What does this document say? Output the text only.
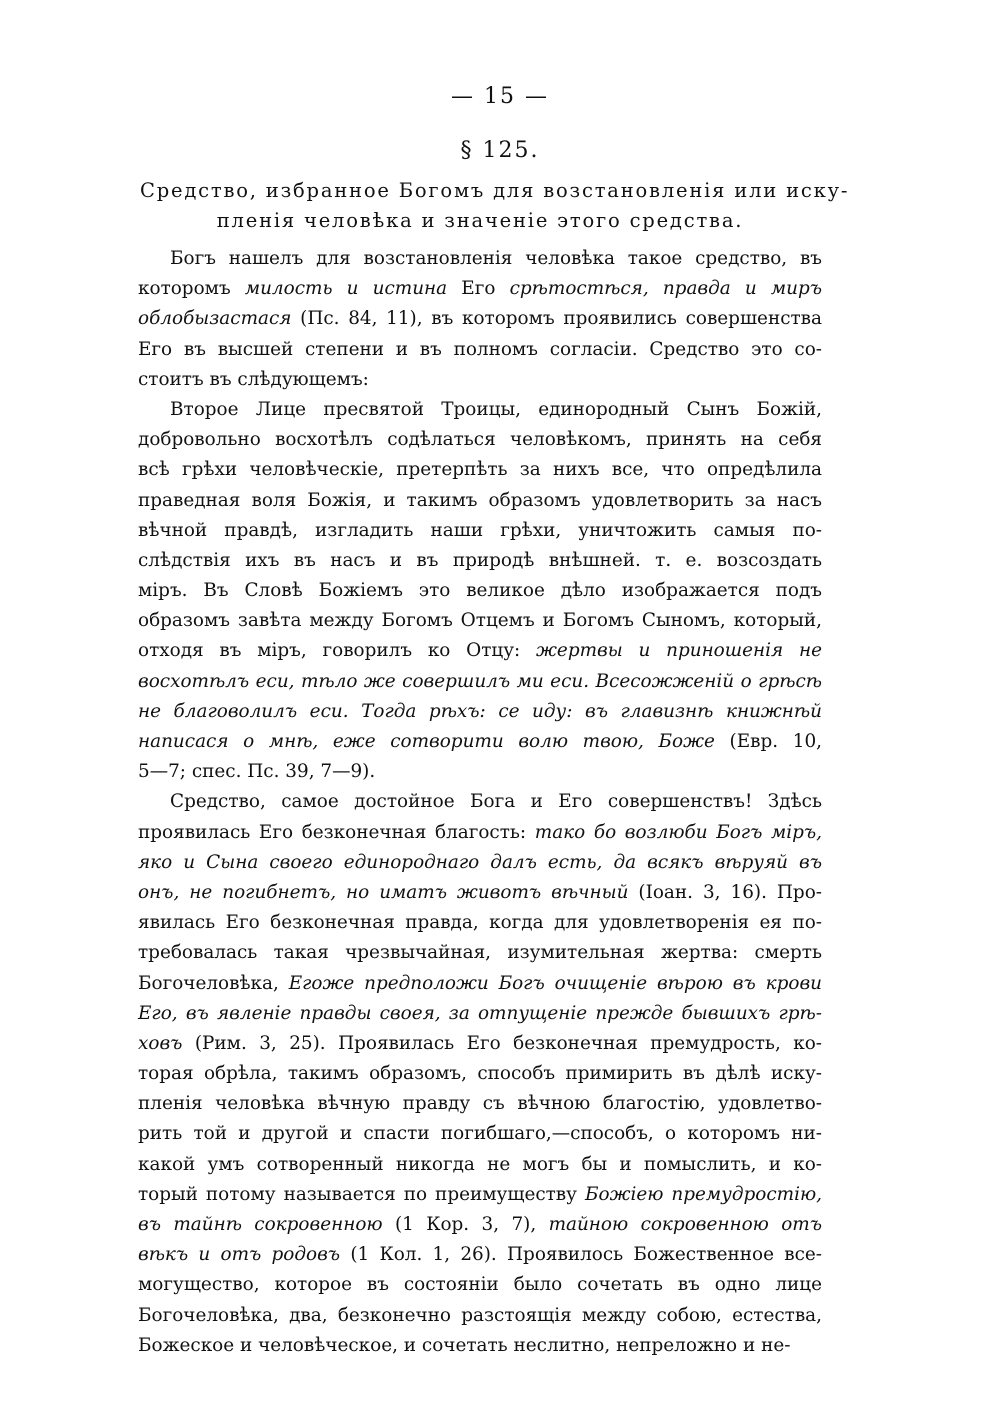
— 15 —
§ 125.
Средство, избранное Богомъ для возстановленія или иску-
пленія человѣка и значеніе этого средства.
Богъ нашелъ для возстановленія человѣка такое средство, въ
которомъ милость и истина Его срѣтостѣся, правда и миръ
облобызастася (Пс. 84, 11), въ которомъ проявились совершенства
Его въ высшей степени и въ полномъ согласіи. Средство это со-
стоитъ въ слѣдующемъ:
Второе Лице пресвятой Троицы, единородный Сынъ Божій,
добровольно восхотѣлъ содѣлаться человѣкомъ, принять на себя
всѣ грѣхи человѣческіе, претерпѣть за нихъ все, что опредѣлила
праведная воля Божія, и такимъ образомъ удовлетворить за насъ
вѣчной правдѣ, изгладить наши грѣхи, уничтожить самыя по-
слѣдствія ихъ въ насъ и въ природѣ внѣшней. т. е. возсоздать
міръ. Въ Словѣ Божіемъ это великое дѣло изображается подъ
образомъ завѣта между Богомъ Отцемъ и Богомъ Сыномъ, который,
отходя въ міръ, говорилъ ко Отцу: жертвы и приношенія не
восхотѣлъ еси, тѣло же совершилъ ми еси. Всесожженій о грѣсѣ
не благоволилъ еси. Тогда рѣхъ: се иду: въ главизнѣ книжнѣй
написася о мнѣ, еже сотворити волю твою, Боже (Евр. 10,
5—7; спес. Пс. 39, 7—9).
Средство, самое достойное Бога и Его совершенствъ! Здѣсь
проявилась Его безконечная благость: тако бо возлюби Богъ міръ,
яко и Сына своего единороднаго далъ есть, да всякъ вѣруяй въ
онъ, не погибнетъ, но иматъ животъ вѣчный (Іоан. 3, 16). Про-
явилась Его безконечная правда, когда для удовлетворенія ея по-
требовалась такая чрезвычайная, изумительная жертва: смерть
Богочеловѣка, Егоже предположи Богъ очищеніе вѣрою въ крови
Его, въ явленіе правды своея, за отпущеніе прежде бывшихъ грѣ-
ховъ (Рим. 3, 25). Проявилась Его безконечная премудрость, ко-
торая обрѣла, такимъ образомъ, способъ примирить въ дѣлѣ иску-
пленія человѣка вѣчную правду съ вѣчною благостію, удовлетво-
рить той и другой и спасти погибшаго,—способъ, о которомъ ни-
какой умъ сотворенный никогда не могъ бы и помыслить, и ко-
торый потому называется по преимуществу Божіею премудростію,
въ тайнѣ сокровенною (1 Кор. 3, 7), тайною сокровенною отъ
вѣкъ и отъ родовъ (1 Кол. 1, 26). Проявилось Божественное все-
могущество, которое въ состояніи было сочетать въ одно лице
Богочеловѣка, два, безконечно разстоящія между собою, естества,
Божеское и человѣческое, и сочетать неслитно, непреложно и не-
